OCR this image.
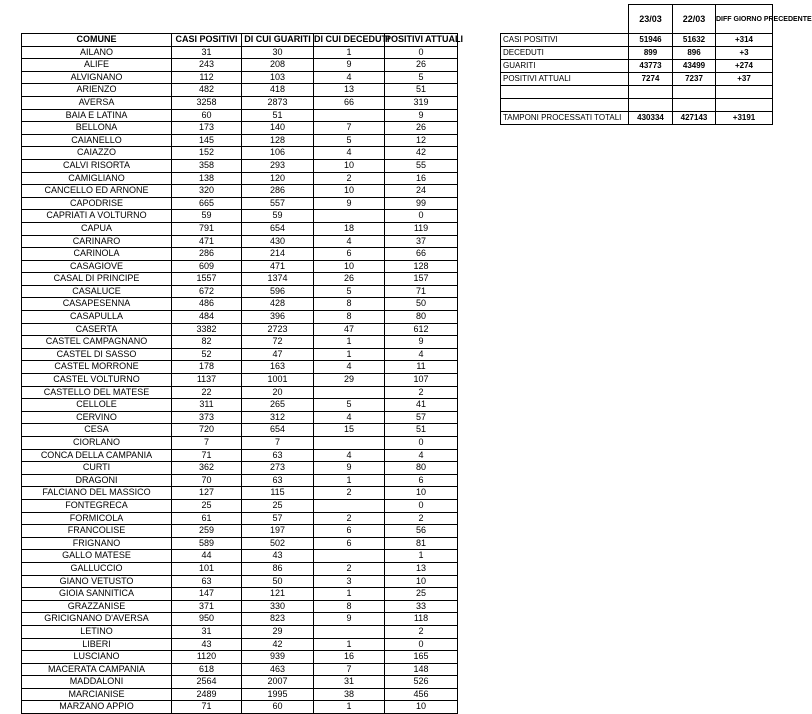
COMUNE	CASI POSITIVI	DI CUI GUARITI	DI CUI DECEDUTI	POSITIVI ATTUALI
AILANO	31	30	1	0
ALIFE	243	208	9	26
ALVIGNANO	112	103	4	5
ARIENZO	482	418	13	51
AVERSA	3258	2873	66	319
BAIA E LATINA	60	51		9
BELLONA	173	140	7	26
CAIANELLO	145	128	5	12
CAIAZZO	152	106	4	42
CALVI RISORTA	358	293	10	55
CAMIGLIANO	138	120	2	16
CANCELLO ED ARNONE	320	286	10	24
CAPODRISE	665	557	9	99
CAPRIATI A VOLTURNO	59	59		0
CAPUA	791	654	18	119
CARINARO	471	430	4	37
CARINOLA	286	214	6	66
CASAGIOVE	609	471	10	128
CASAL DI PRINCIPE	1557	1374	26	157
CASALUCE	672	596	5	71
CASAPESENNA	486	428	8	50
CASAPULLA	484	396	8	80
CASERTA	3382	2723	47	612
CASTEL CAMPAGNANO	82	72	1	9
CASTEL DI SASSO	52	47	1	4
CASTEL MORRONE	178	163	4	11
CASTEL VOLTURNO	1137	1001	29	107
CASTELLO DEL MATESE	22	20		2
CELLOLE	311	265	5	41
CERVINO	373	312	4	57
CESA	720	654	15	51
CIORLANO	7	7		0
CONCA DELLA CAMPANIA	71	63	4	4
CURTI	362	273	9	80
DRAGONI	70	63	1	6
FALCIANO DEL MASSICO	127	115	2	10
FONTEGRECA	25	25		0
FORMICOLA	61	57	2	2
FRANCOLISE	259	197	6	56
FRIGNANO	589	502	6	81
GALLO MATESE	44	43		1
GALLUCCIO	101	86	2	13
GIANO VETUSTO	63	50	3	10
GIOIA SANNITICA	147	121	1	25
GRAZZANISE	371	330	8	33
GRICIGNANO D'AVERSA	950	823	9	118
LETINO	31	29		2
LIBERI	43	42	1	0
LUSCIANO	1120	939	16	165
MACERATA CAMPANIA	618	463	7	148
MADDALONI	2564	2007	31	526
MARCIANISE	2489	1995	38	456
MARZANO APPIO	71	60	1	10
	23/03	22/03	DIFF GIORNO PRECEDENTE
CASI POSITIVI	51946	51632	+314
DECEDUTI	899	896	+3
GUARITI	43773	43499	+274
POSITIVI ATTUALI	7274	7237	+37

TAMPONI PROCESSATI TOTALI	430334	427143	+3191
